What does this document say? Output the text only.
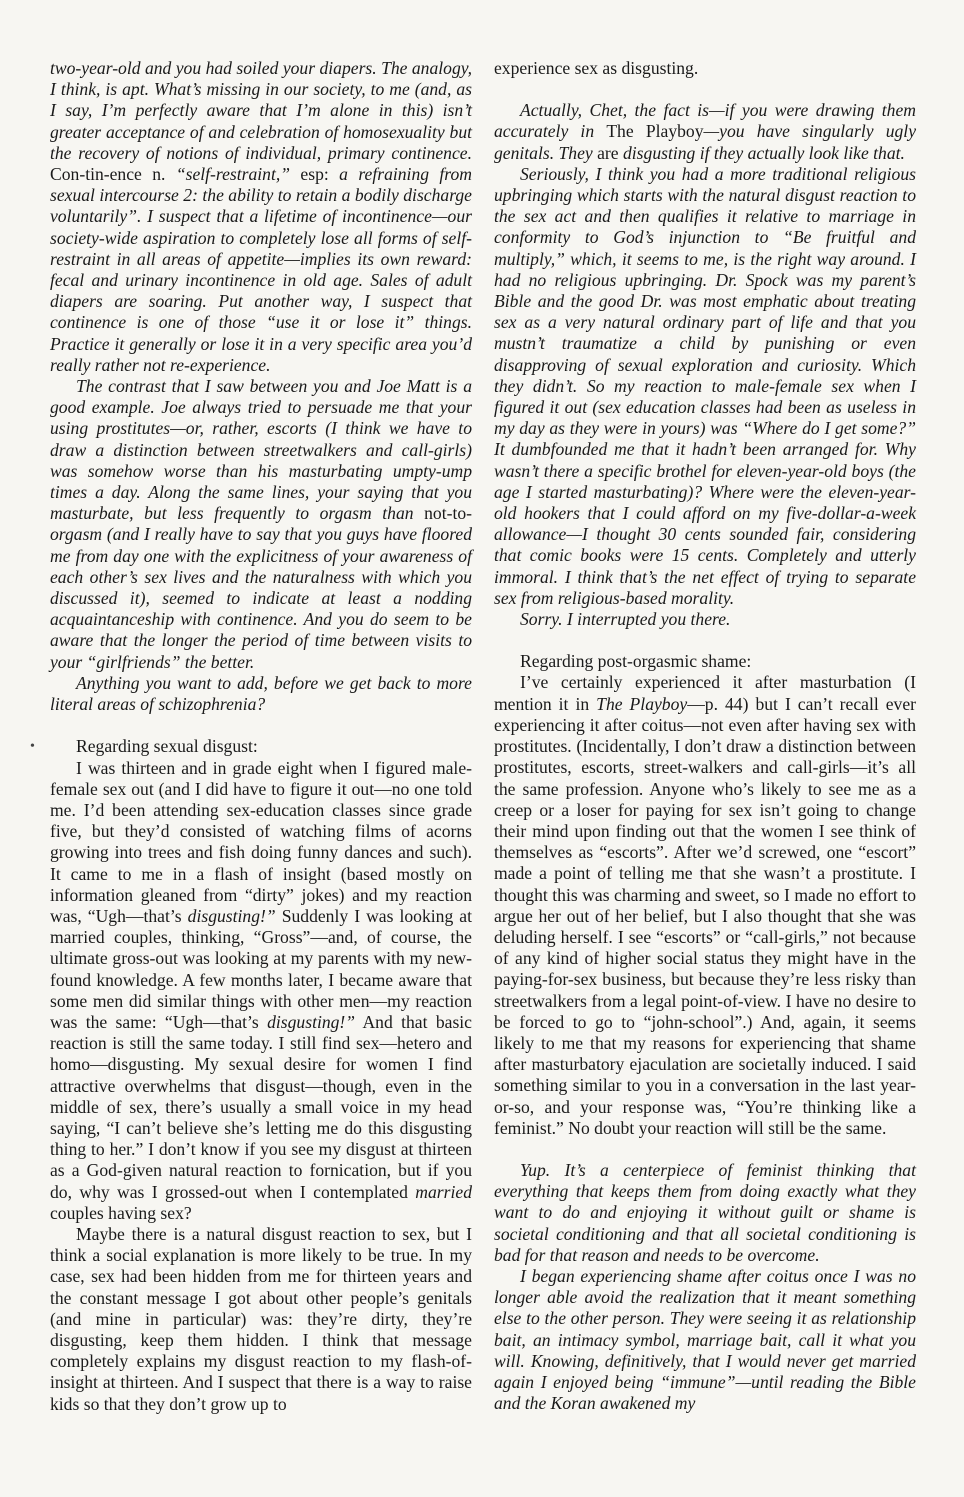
two-year-old and you had soiled your diapers. The analogy, I think, is apt. What’s missing in our society, to me (and, as I say, I’m perfectly aware that I’m alone in this) isn’t greater acceptance of and celebration of homosexuality but the recovery of notions of individual, primary continence. Con-tin-ence n. “self-restraint,” esp: a refraining from sexual intercourse 2: the ability to retain a bodily discharge voluntarily”. I suspect that a lifetime of incontinence—our society-wide aspiration to completely lose all forms of self-restraint in all areas of appetite—implies its own reward: fecal and urinary incontinence in old age. Sales of adult diapers are soaring. Put another way, I suspect that continence is one of those “use it or lose it” things. Practice it generally or lose it in a very specific area you’d really rather not re-experience.

The contrast that I saw between you and Joe Matt is a good example. Joe always tried to persuade me that your using prostitutes—or, rather, escorts (I think we have to draw a distinction between streetwalkers and call-girls) was somehow worse than his masturbating umpty-ump times a day. Along the same lines, your saying that you masturbate, but less frequently to orgasm than not-to-orgasm (and I really have to say that you guys have floored me from day one with the explicitness of your awareness of each other’s sex lives and the naturalness with which you discussed it), seemed to indicate at least a nodding acquaintanceship with continence. And you do seem to be aware that the longer the period of time between visits to your “girlfriends” the better.

Anything you want to add, before we get back to more literal areas of schizophrenia?

Regarding sexual disgust:

I was thirteen and in grade eight when I figured male-female sex out (and I did have to figure it out—no one told me. I’d been attending sex-education classes since grade five, but they’d consisted of watching films of acorns growing into trees and fish doing funny dances and such). It came to me in a flash of insight (based mostly on information gleaned from “dirty” jokes) and my reaction was, “Ugh—that’s disgusting!” Suddenly I was looking at married couples, thinking, “Gross”—and, of course, the ultimate gross-out was looking at my parents with my new-found knowledge. A few months later, I became aware that some men did similar things with other men—my reaction was the same: “Ugh—that’s disgusting!” And that basic reaction is still the same today. I still find sex—hetero and homo—disgusting. My sexual desire for women I find attractive overwhelms that disgust—though, even in the middle of sex, there’s usually a small voice in my head saying, “I can’t believe she’s letting me do this disgusting thing to her.” I don’t know if you see my disgust at thirteen as a God-given natural reaction to fornication, but if you do, why was I grossed-out when I contemplated married couples having sex?

Maybe there is a natural disgust reaction to sex, but I think a social explanation is more likely to be true. In my case, sex had been hidden from me for thirteen years and the constant message I got about other people’s genitals (and mine in particular) was: they’re dirty, they’re disgusting, keep them hidden. I think that message completely explains my disgust reaction to my flash-of-insight at thirteen. And I suspect that there is a way to raise kids so that they don’t grow up to

experience sex as disgusting.

Actually, Chet, the fact is—if you were drawing them accurately in The Playboy—you have singularly ugly genitals. They are disgusting if they actually look like that.

Seriously, I think you had a more traditional religious upbringing which starts with the natural disgust reaction to the sex act and then qualifies it relative to marriage in conformity to God’s injunction to “Be fruitful and multiply,” which, it seems to me, is the right way around. I had no religious upbringing. Dr. Spock was my parent’s Bible and the good Dr. was most emphatic about treating sex as a very natural ordinary part of life and that you mustn’t traumatize a child by punishing or even disapproving of sexual exploration and curiosity. Which they didn’t. So my reaction to male-female sex when I figured it out (sex education classes had been as useless in my day as they were in yours) was “Where do I get some?” It dumbfounded me that it hadn’t been arranged for. Why wasn’t there a specific brothel for eleven-year-old boys (the age I started masturbating)? Where were the eleven-year-old hookers that I could afford on my five-dollar-a-week allowance—I thought 30 cents sounded fair, considering that comic books were 15 cents. Completely and utterly immoral. I think that’s the net effect of trying to separate sex from religious-based morality.

Sorry. I interrupted you there.

Regarding post-orgasmic shame:

I’ve certainly experienced it after masturbation (I mention it in The Playboy—p. 44) but I can’t recall ever experiencing it after coitus—not even after having sex with prostitutes. (Incidentally, I don’t draw a distinction between prostitutes, escorts, street-walkers and call-girls—it’s all the same profession. Anyone who’s likely to see me as a creep or a loser for paying for sex isn’t going to change their mind upon finding out that the women I see think of themselves as “escorts”. After we’d screwed, one “escort” made a point of telling me that she wasn’t a prostitute. I thought this was charming and sweet, so I made no effort to argue her out of her belief, but I also thought that she was deluding herself. I see “escorts” or “call-girls,” not because of any kind of higher social status they might have in the paying-for-sex business, but because they’re less risky than streetwalkers from a legal point-of-view. I have no desire to be forced to go to “john-school”.) And, again, it seems likely to me that my reasons for experiencing that shame after masturbatory ejaculation are societally induced. I said something similar to you in a conversation in the last year-or-so, and your response was, “You’re thinking like a feminist.” No doubt your reaction will still be the same.

Yup. It’s a centerpiece of feminist thinking that everything that keeps them from doing exactly what they want to do and enjoying it without guilt or shame is societal conditioning and that all societal conditioning is bad for that reason and needs to be overcome.

I began experiencing shame after coitus once I was no longer able avoid the realization that it meant something else to the other person. They were seeing it as relationship bait, an intimacy symbol, marriage bait, call it what you will. Knowing, definitively, that I would never get married again I enjoyed being “immune”—until reading the Bible and the Koran awakened my

•
